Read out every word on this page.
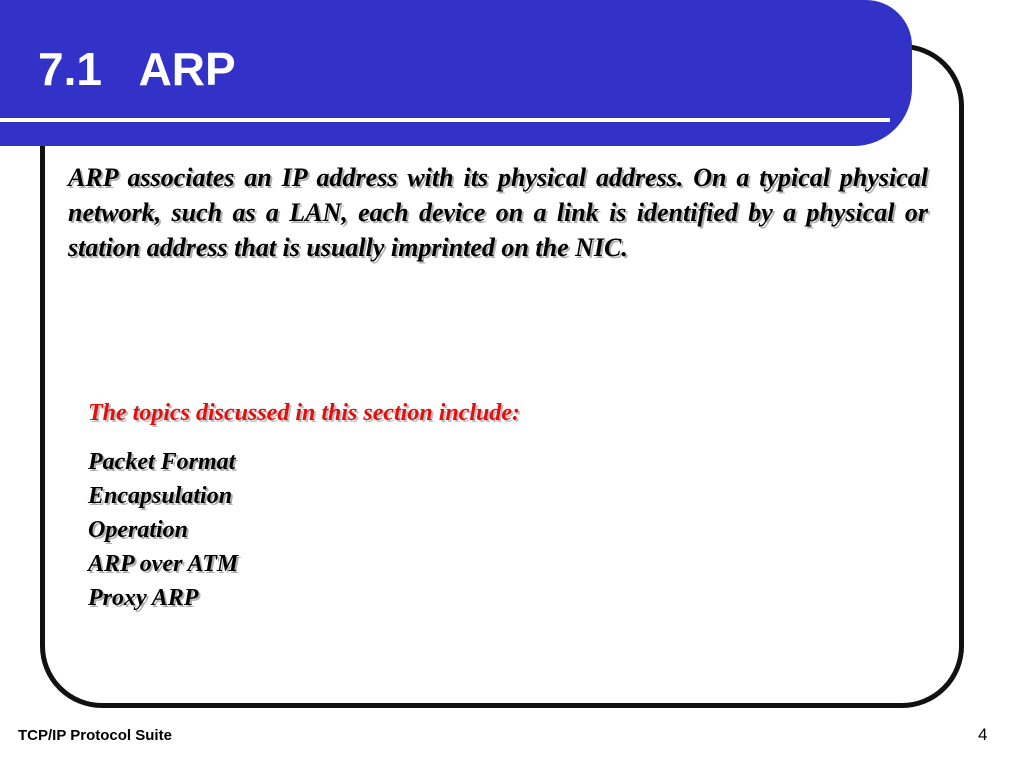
7.1   ARP

ARP associates an IP address with its physical address. On a typical physical network, such as a LAN, each device on a link is identified by a physical or station address that is usually imprinted on the NIC.

The topics discussed in this section include:

Packet Format
Encapsulation
Operation
ARP over ATM
Proxy ARP
TCP/IP Protocol Suite	4
